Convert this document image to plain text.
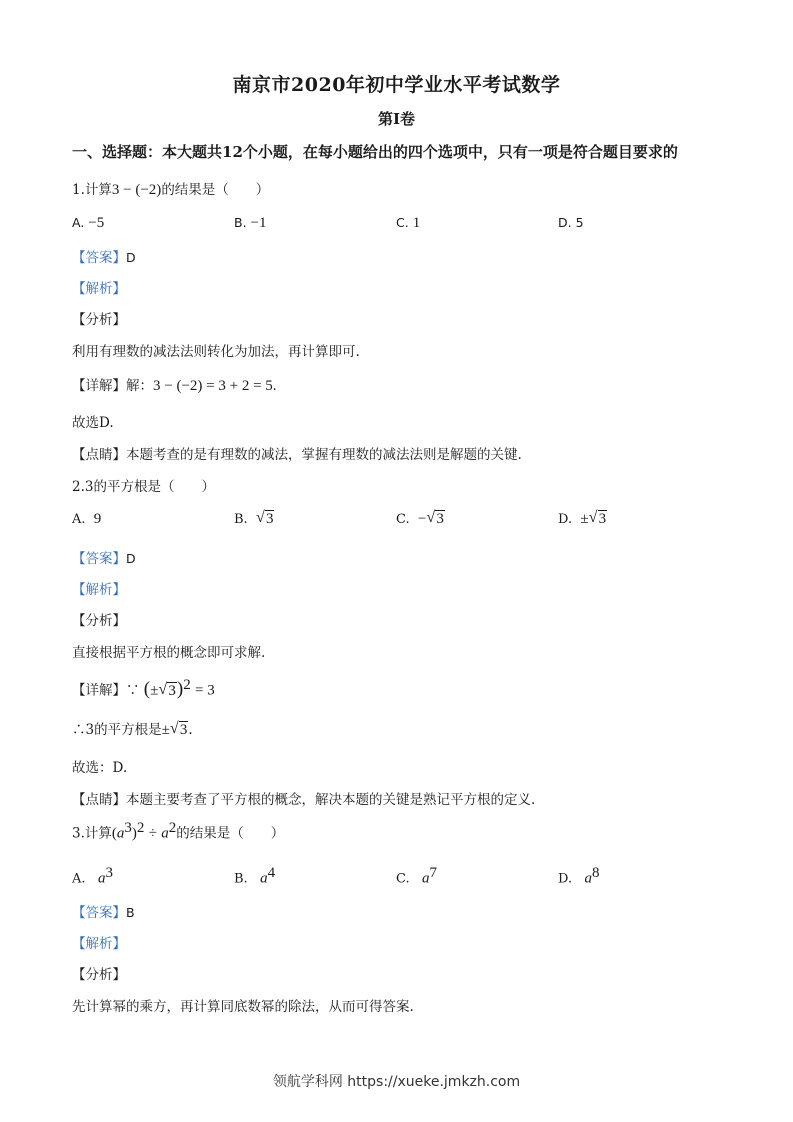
南京市2020年初中学业水平考试数学
第Ⅰ卷
一、选择题：本大题共12个小题，在每小题给出的四个选项中，只有一项是符合题目要求的
1.计算3 − (−2)的结果是（　　）
A. −5	B. −1	C. 1	D. 5
【答案】D
【解析】
【分析】
利用有理数的减法法则转化为加法，再计算即可.
【详解】解：3 − (−2) = 3 + 2 = 5.
故选D.
【点睛】本题考查的是有理数的减法，掌握有理数的减法法则是解题的关键.
2.3的平方根是（　　）
A. 9	B. √ 3	C. − √ 3	D. ± √ 3
【答案】D
【解析】
【分析】
直接根据平方根的概念即可求解.
【详解】∵ (± √ 3)$^2$ = 3
∴3的平方根是± √ 3.
故选：D.
【点睛】本题主要考查了平方根的概念，解决本题的关键是熟记平方根的定义.
3.计算$(a^3)^2 \div a^2$的结果是（　　）
A. $a^3$	B. $a^4$	C. $a^7$	D. $a^8$
【答案】B
【解析】
【分析】
先计算幂的乘方，再计算同底数幂的除法，从而可得答案.
领航学科网 https://xueke.jmkzh.com
